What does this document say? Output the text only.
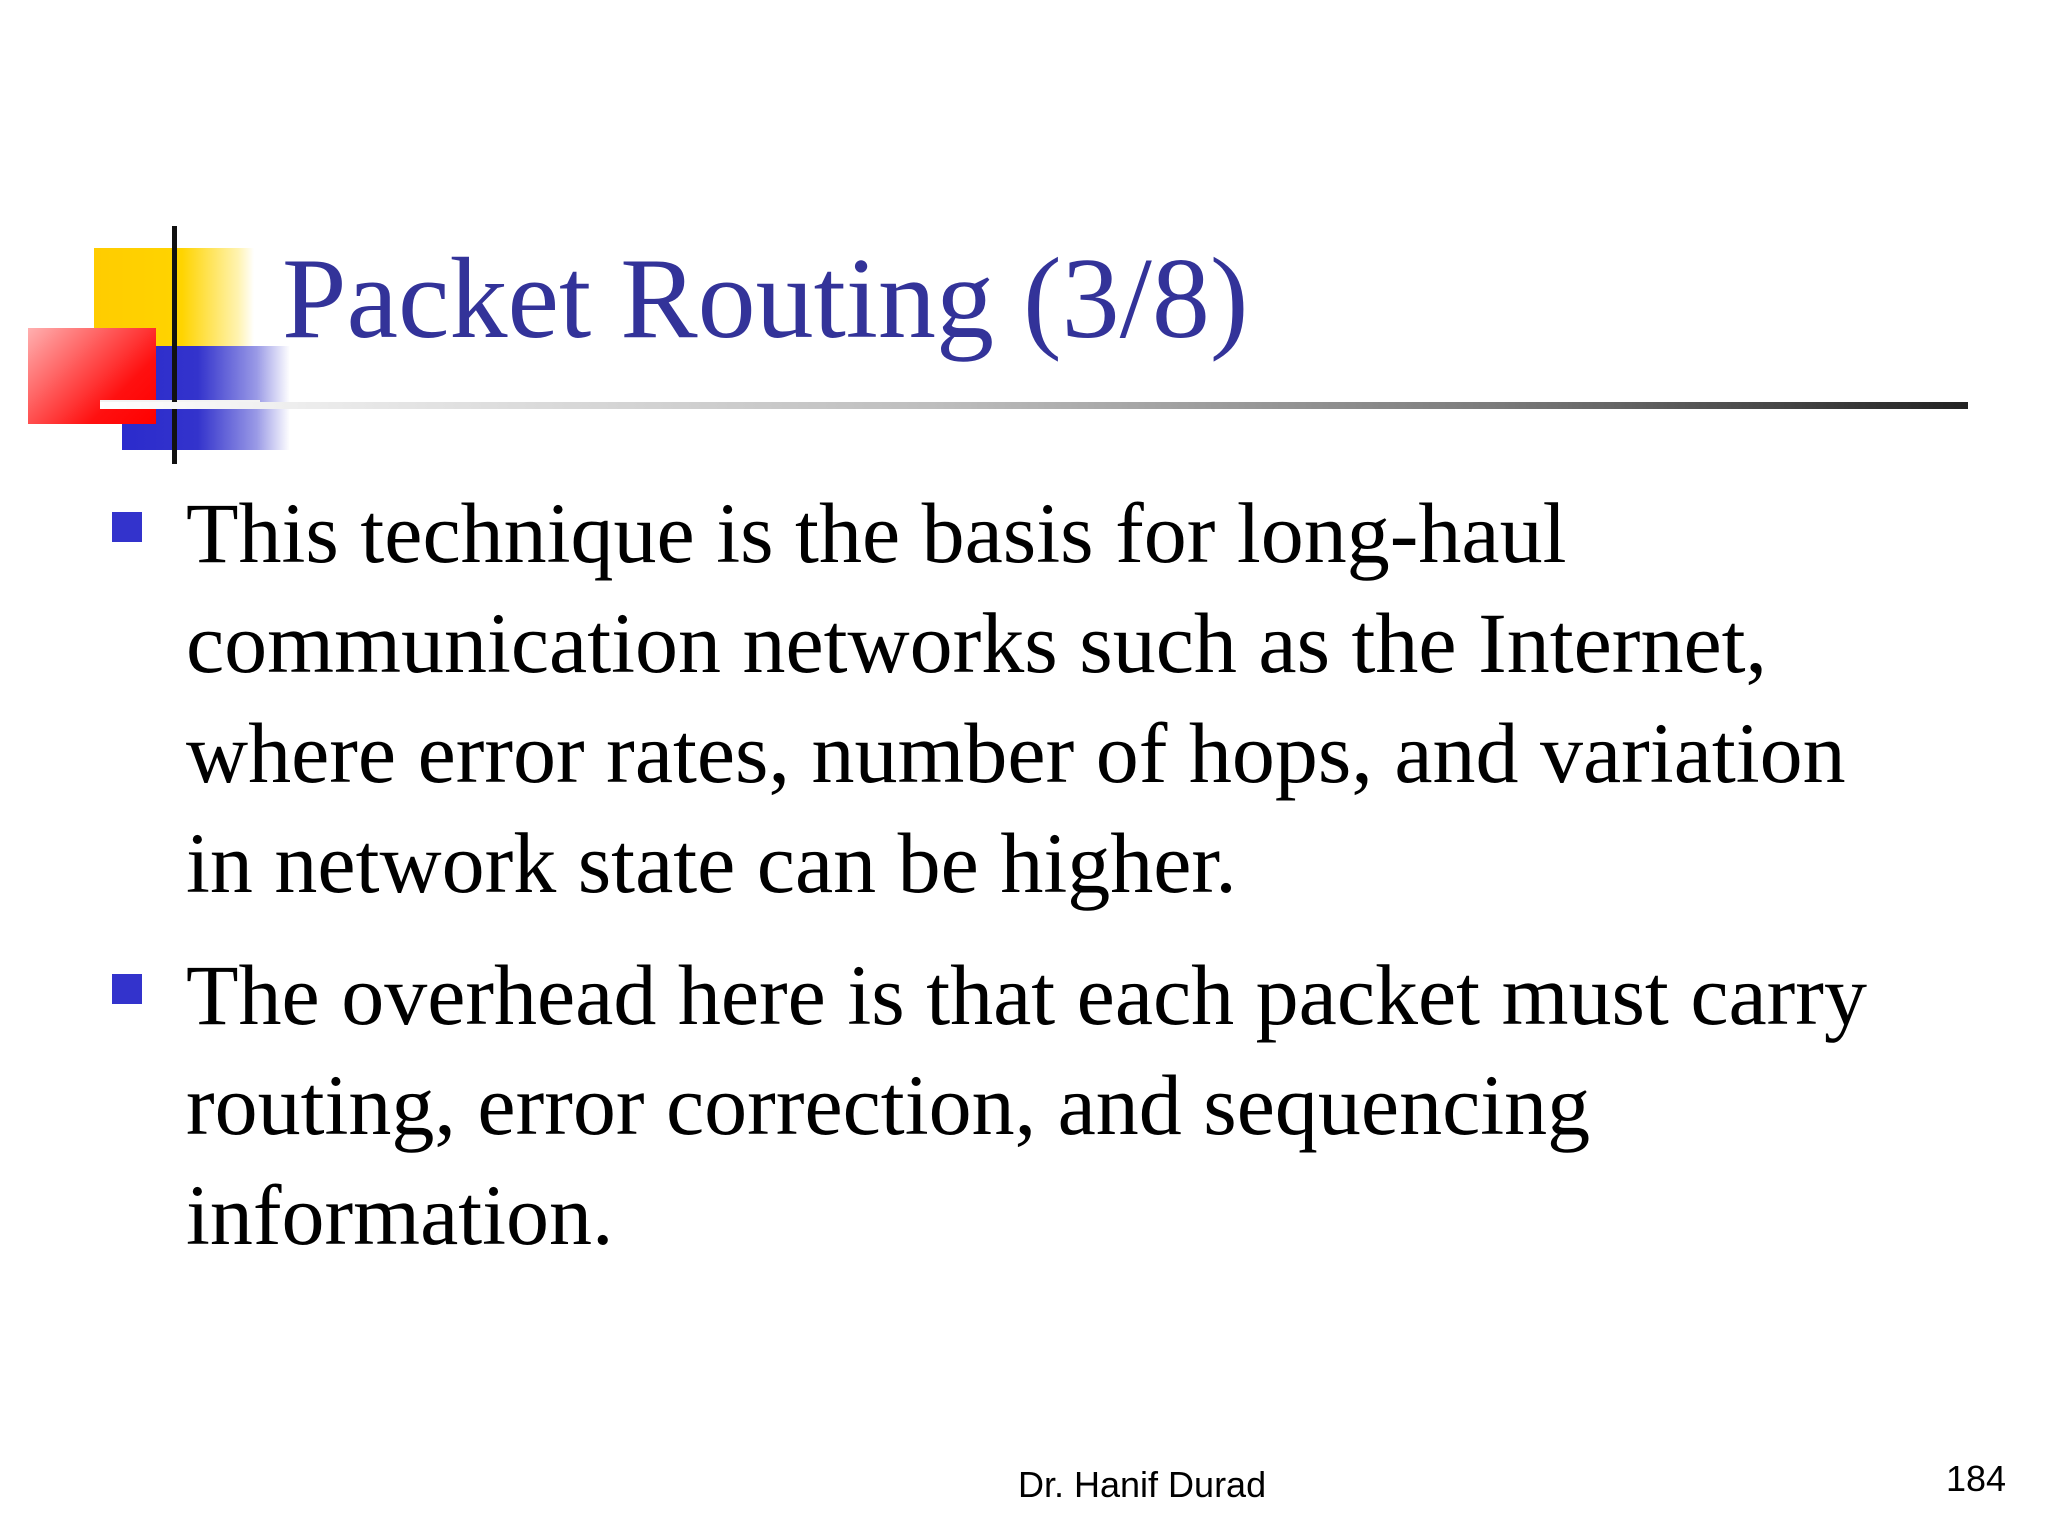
Packet Routing (3/8)
This technique is the basis for long-haul
communication networks such as the Internet,
where error rates, number of hops, and variation
in network state can be higher.
The overhead here is that each packet must carry
routing, error correction, and sequencing
information.
Dr. Hanif Durad	184
